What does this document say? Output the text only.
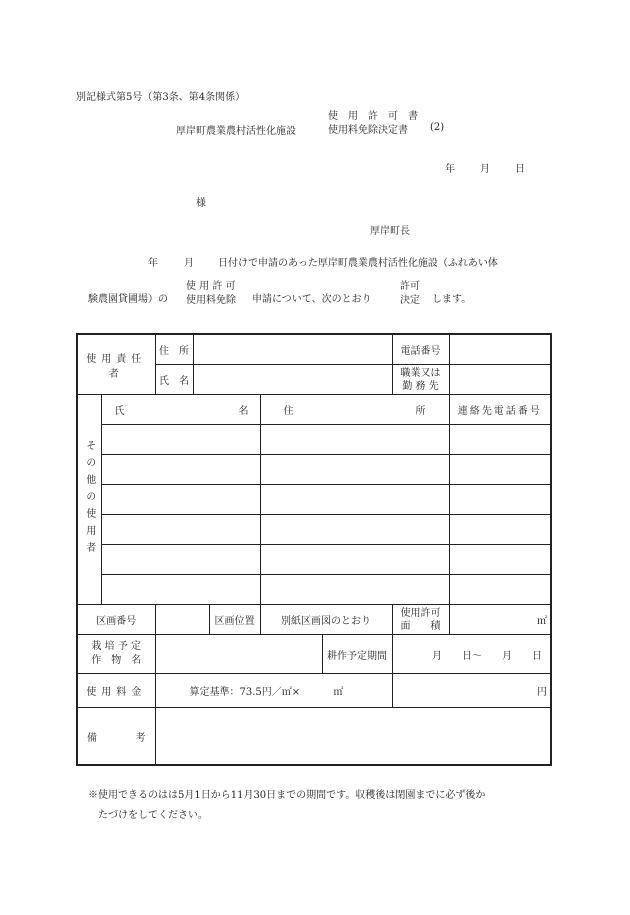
別記様式第5号（第3条、第4条関係）
厚岸町農業農村活性化施設
使　用　許　可　書
使用料免除決定書	(2)
年	月	日
様
厚岸町長
年	月 日付けで申請のあった厚岸町農業農村活性化施設（ふれあい体
験農園貸圃場）の
使 用 許 可
使用料免除 申請について、次のとおり
許可
決定 します。
使用責任者		住　所					電話番号	
		氏　名					職業又は
勤 務 先	

その他の使用者	氏 名				住 所			連絡先電話番号

区画番号				区画位置	別紙区画図のとおり		使用許可
面　　積	㎡

栽 培 予 定
作　物　名						耕作予定期間	月　　日～　　月　　日	
使用料金		算定基準：73.5円／㎡× ㎡					円	

備 考								

※使用できるのはは5月1日から11月30日までの期間です。収穫後は閉園までに必ず後か
たづけをしてください。
